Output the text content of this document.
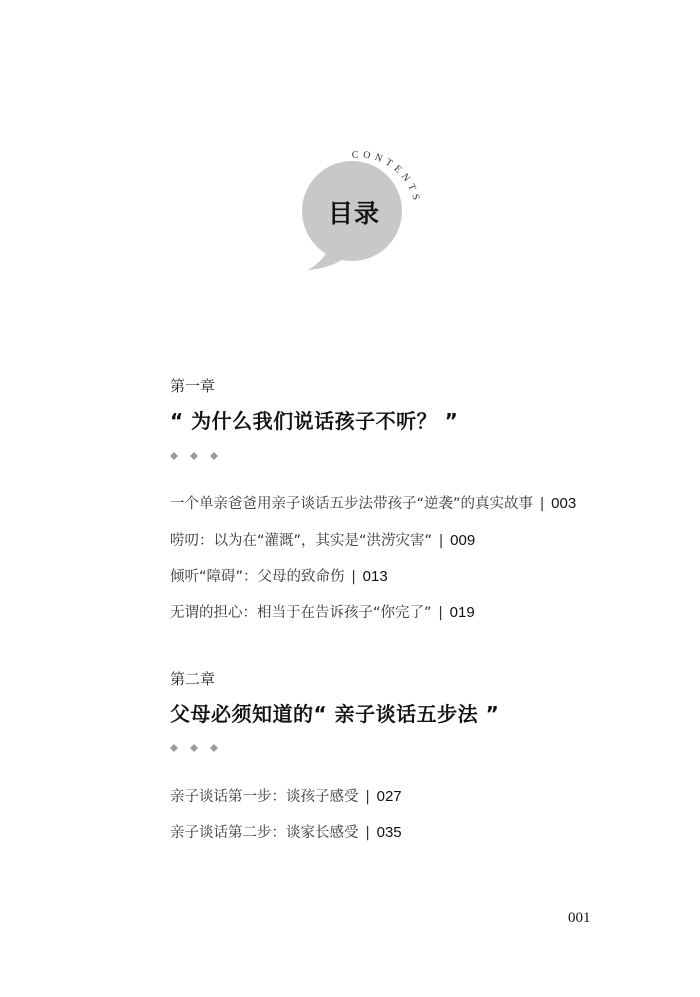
CONTENTS
目录
第一章
“ 为什么我们说话孩子不听？ ”
一个单亲爸爸用亲子谈话五步法带孩子“逆袭”的真实故事 | 003
唠叨：以为在“灌溉”，其实是“洪涝灾害” | 009
倾听“障碍”：父母的致命伤 | 013
无谓的担心：相当于在告诉孩子“你完了” | 019
第二章
父母必须知道的“ 亲子谈话五步法 ”
亲子谈话第一步：谈孩子感受 | 027
亲子谈话第二步：谈家长感受 | 035
001
